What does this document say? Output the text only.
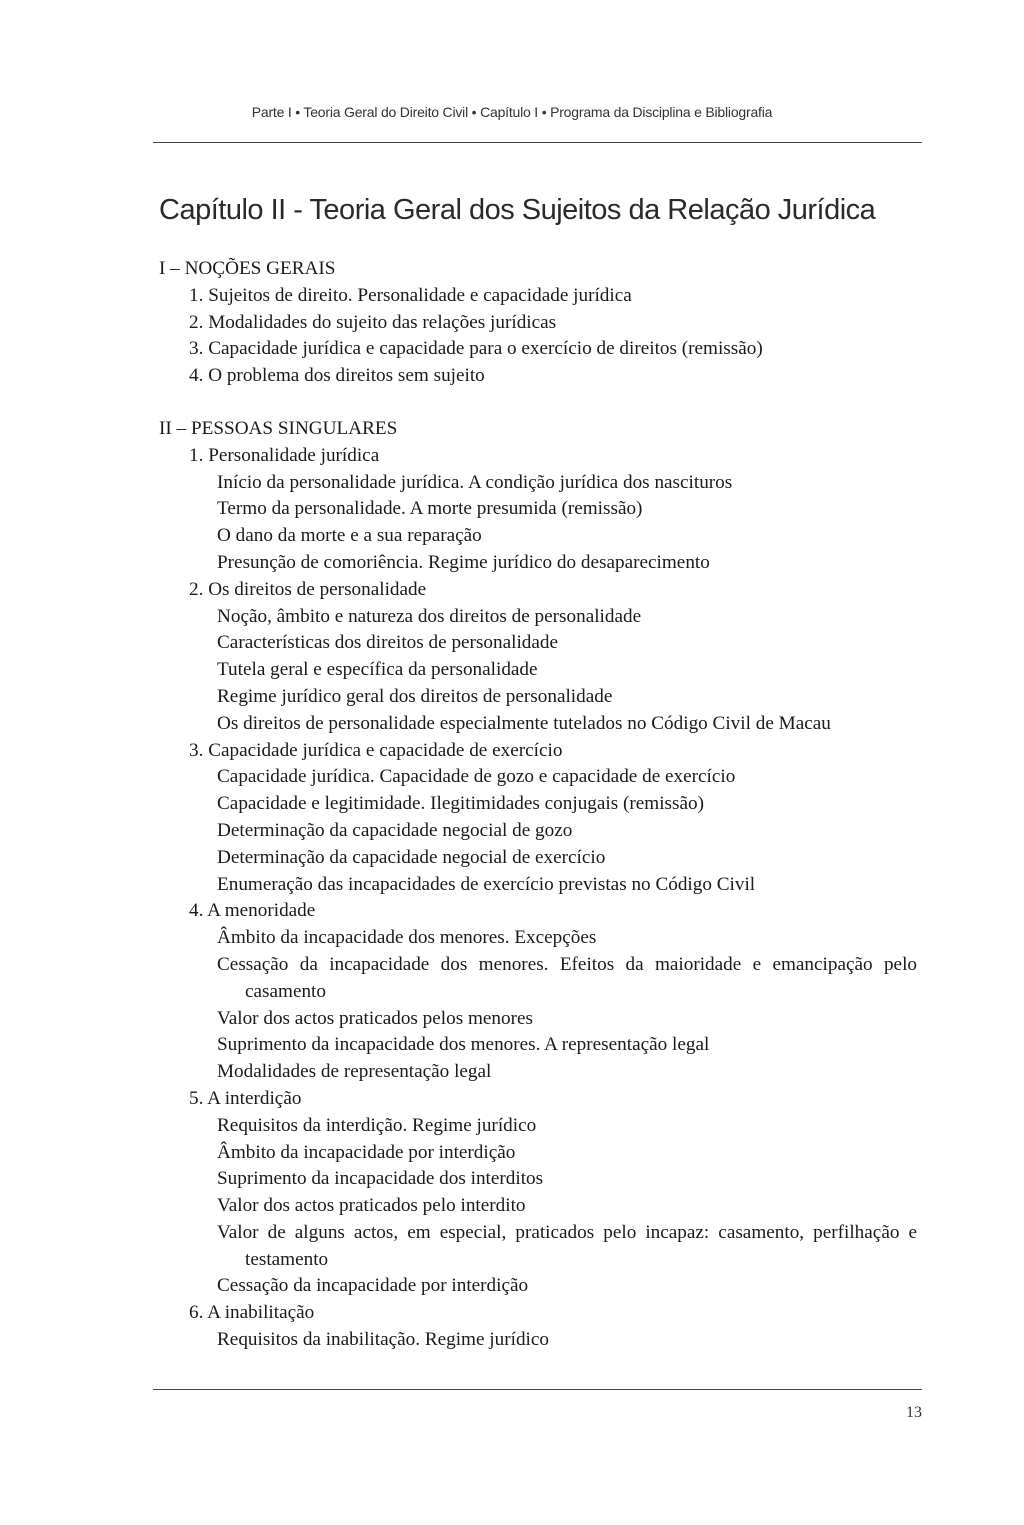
Parte I • Teoria Geral do Direito Civil • Capítulo I • Programa da Disciplina e Bibliografia
Capítulo II - Teoria Geral dos Sujeitos da Relação Jurídica
I – NOÇÕES GERAIS
1. Sujeitos de direito. Personalidade e capacidade jurídica
2. Modalidades do sujeito das relações jurídicas
3. Capacidade jurídica e capacidade para o exercício de direitos (remissão)
4. O problema dos direitos sem sujeito
II – PESSOAS SINGULARES
1. Personalidade jurídica
Início da personalidade jurídica. A condição jurídica dos nascituros
Termo da personalidade. A morte presumida (remissão)
O dano da morte e a sua reparação
Presunção de comoriência. Regime jurídico do desaparecimento
2. Os direitos de personalidade
Noção, âmbito e natureza dos direitos de personalidade
Características dos direitos de personalidade
Tutela geral e específica da personalidade
Regime jurídico geral dos direitos de personalidade
Os direitos de personalidade especialmente tutelados no Código Civil de Macau
3. Capacidade jurídica e capacidade de exercício
Capacidade jurídica. Capacidade de gozo e capacidade de exercício
Capacidade e legitimidade. Ilegitimidades conjugais (remissão)
Determinação da capacidade negocial de gozo
Determinação da capacidade negocial de exercício
Enumeração das incapacidades de exercício previstas no Código Civil
4. A menoridade
Âmbito da incapacidade dos menores. Excepções
Cessação da incapacidade dos menores. Efeitos da maioridade e emancipação pelo casamento
Valor dos actos praticados pelos menores
Suprimento da incapacidade dos menores. A representação legal
Modalidades de representação legal
5. A interdição
Requisitos da interdição. Regime jurídico
Âmbito da incapacidade por interdição
Suprimento da incapacidade dos interditos
Valor dos actos praticados pelo interdito
Valor de alguns actos, em especial, praticados pelo incapaz: casamento, perfilhação e testamento
Cessação da incapacidade por interdição
6. A inabilitação
Requisitos da inabilitação. Regime jurídico
13
